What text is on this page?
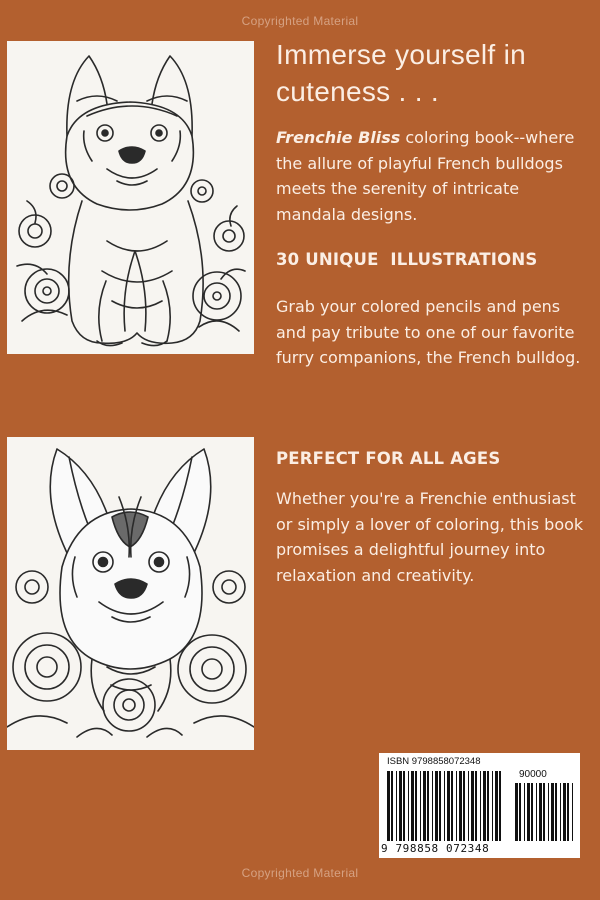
Copyrighted Material
Immerse yourself in cuteness . . .

Frenchie Bliss coloring book--where the allure of playful French bulldogs meets the serenity of intricate mandala designs.

30 UNIQUE  ILLUSTRATIONS

Grab your colored pencils and pens and pay tribute to one of our favorite furry companions, the French bulldog.

PERFECT FOR ALL AGES

Whether you're a Frenchie enthusiast or simply a lover of coloring, this book promises a delightful journey into relaxation and creativity.

ISBN 9798858072348

90000

9 798858 072348

Copyrighted Material
